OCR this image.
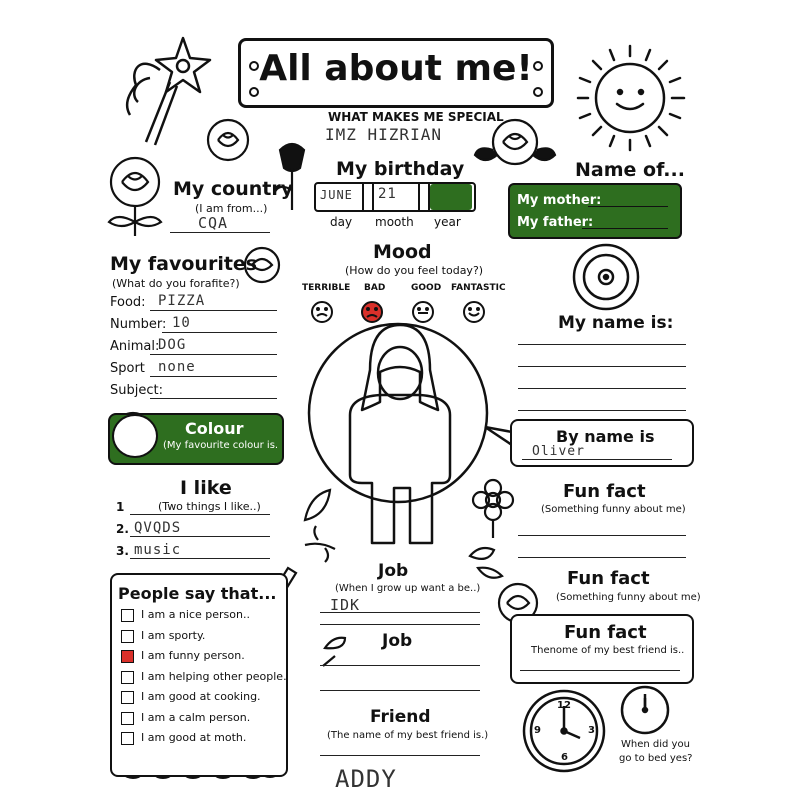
All about me!
WHAT MAKES ME SPECIAL
IMZ HIZRIAN
My country
(I am from...)
CQA
My birthday
JUNE 21
day mooth year
Name of...
My mother:
My father:
Mood
(How do you feel today?)
TERRIBLE BAD	GOOD FANTASTIC
My favourites
(What do you forafite?)
Food: PIZZA
Number: 10
Animal:
DOG
Sport none
Subject:
Colour
(My favourite colour is.
My name is:
By name is
Oliver
I like
(Two things I like..)
1
2. QVQDS
3. music
Fun fact
(Something funny about me)
Fun fact
(Something funny about me)
Fun fact
Thenome of my best friend is..
People say that...
I am a nice person..
I am sporty.
I am funny person.
I am helping other people.
I am good at cooking.
I am a calm person.
I am good at moth.
Job
(When I grow up want a be..)
IDK
Job
Friend
(The name of my best friend is.)
ADDY
12
3
6
9
When did you
go to bed yes?
